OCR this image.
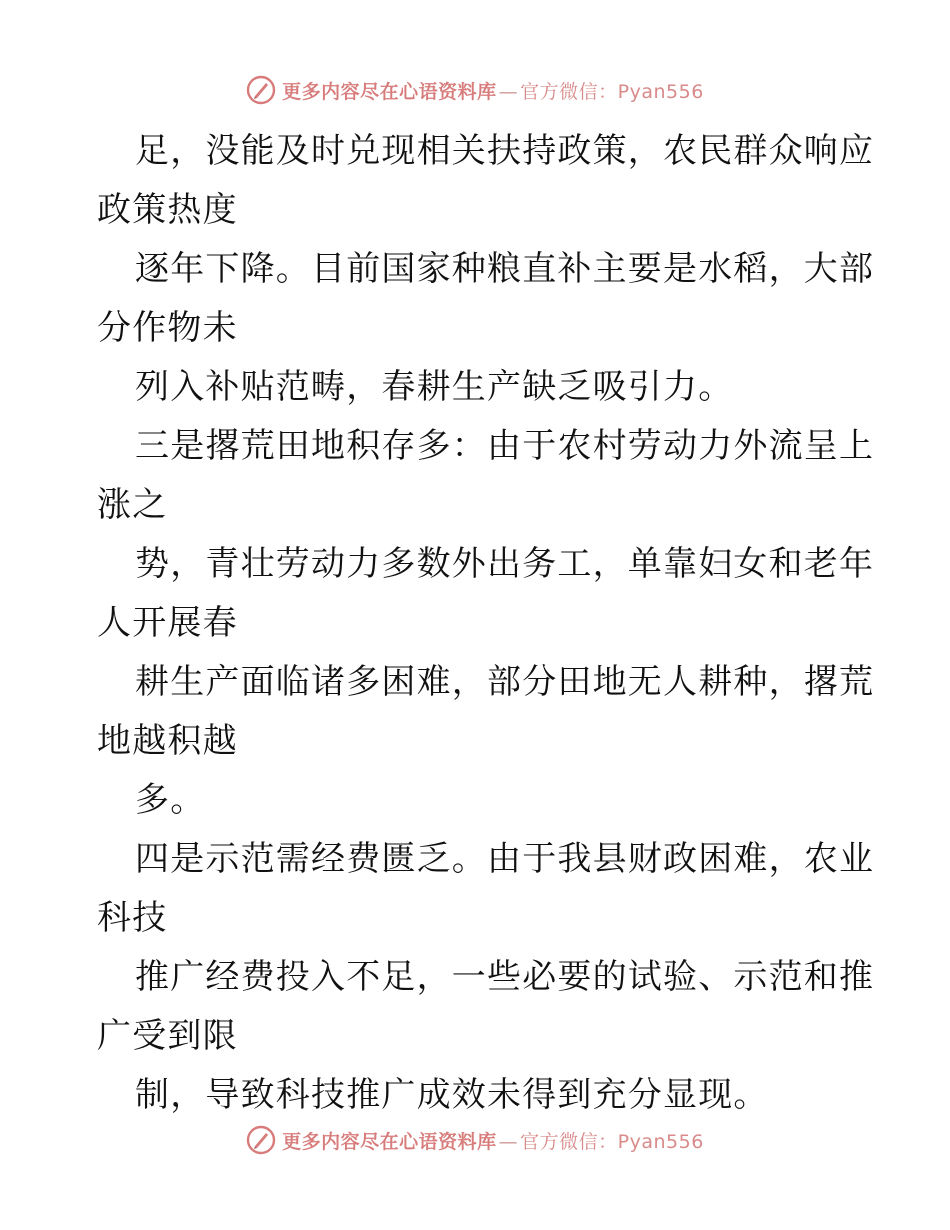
更多内容尽在心语资料库 — 官方微信：Pyan556
足，没能及时兑现相关扶持政策，农民群众响应
政策热度
逐年下降。目前国家种粮直补主要是水稻，大部
分作物未
列入补贴范畴，春耕生产缺乏吸引力。
三是撂荒田地积存多：由于农村劳动力外流呈上
涨之
势，青壮劳动力多数外出务工，单靠妇女和老年
人开展春
耕生产面临诸多困难，部分田地无人耕种，撂荒
地越积越
多。
四是示范需经费匮乏。由于我县财政困难，农业
科技
推广经费投入不足，一些必要的试验、示范和推
广受到限
制，导致科技推广成效未得到充分显现。
更多内容尽在心语资料库 — 官方微信：Pyan556
